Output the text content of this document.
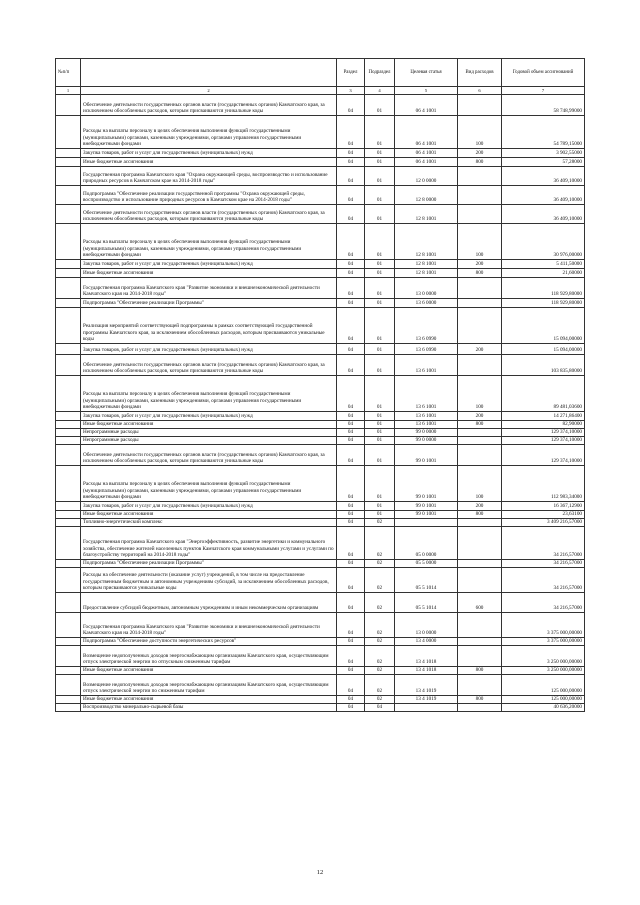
№п/п		Раздел	Подраздел	Целевая статья	Вид расходов	Годовой объем ассигнований
1	2	3	4	5	6	7
	Обеспечение деятельности государственных органов власти (государственных органов) Камчатского края, за исключением обособленных расходов, которым присваиваются уникальные коды	04	01	06 4 1001		58 748,99000
	Расходы на выплаты персоналу в целях обеспечения выполнения функций государственными (муниципальными) органами, казенными учреждениями, органами управления государственными внебюджетными фондами	04	01	06 4 1001	100	54 789,15000
	Закупка товаров, работ и услуг для государственных (муниципальных) нужд	04	01	06 4 1001	200	3 902,55000
	Иные бюджетные ассигнования	04	01	06 4 1001	800	57,28000
	Государственная программа Камчатского края "Охрана окружающей среды, воспроизводство и использование природных ресурсов в Камчатском крае на 2014-2018 годы"	04	01	12 0 0000		36 409,10000
	Подпрограмма "Обеспечение реализации государственной программы "Охрана окружающей среды, воспроизводство и использование природных ресурсов в Камчатском крае на 2014-2018 годы"	04	01	12 8 0000		36 409,10000
	Обеспечение деятельности государственных органов власти (государственных органов) Камчатского края, за исключением обособленных расходов, которым присваиваются уникальные коды	04	01	12 8 1001		36 409,10000
	Расходы на выплаты персоналу в целях обеспечения выполнения функций государственными (муниципальными) органами, казенными учреждениями, органами управления государственными внебюджетными фондами	04	01	12 8 1001	100	30 976,00000
	Закупка товаров, работ и услуг для государственных (муниципальных) нужд	04	01	12 8 1001	200	5 411,50000
	Иные бюджетные ассигнования	04	01	12 8 1001	800	21,60000
	Государственная программа Камчатского края "Развитие экономики и внешнеэкономической деятельности Камчатского края на 2014-2018 годы"	04	01	13 0 0000		118 929,80000
	Подпрограмма "Обеспечение реализации Программы"	04	01	13 6 0000		118 929,80000
	Реализация мероприятий соответствующей подпрограммы в рамках соответствующей государственной программы Камчатского края, за исключением обособленных расходов, которым присваиваются уникальные коды	04	01	13 6 0990		15 094,00000
	Закупка товаров, работ и услуг для государственных (муниципальных) нужд	04	01	13 6 0990	200	15 094,00000
	Обеспечение деятельности государственных органов власти (государственных органов) Камчатского края, за исключением обособленных расходов, которым присваиваются уникальные коды	04	01	13 6 1001		103 835,80000
	Расходы на выплаты персоналу в целях обеспечения выполнения функций государственными (муниципальными) органами, казенными учреждениями, органами управления государственными внебюджетными фондами	04	01	13 6 1001	100	89 481,03600
	Закупка товаров, работ и услуг для государственных (муниципальных) нужд	04	01	13 6 1001	200	14 271,86400
	Иные бюджетные ассигнования	04	01	13 6 1001	800	82,90000
	Непрограммные расходы	04	01	99 0 0000		129 374,10000
	Непрограммные расходы	04	01	99 0 0000		129 374,10000
	Обеспечение деятельности государственных органов власти (государственных органов) Камчатского края, за исключением обособленных расходов, которым присваиваются уникальные коды	04	01	99 0 1001		129 374,10000
	Расходы на выплаты персоналу в целях обеспечения выполнения функций государственными (муниципальными) органами, казенными учреждениями, органами управления государственными внебюджетными фондами	04	01	99 0 1001	100	112 983,34000
	Закупка товаров, работ и услуг для государственных (муниципальных) нужд	04	01	99 0 1001	200	16 367,12900
	Иные бюджетные ассигнования	04	01	99 0 1001	800	23,63100
	Топливно-энергетический комплекс	04	02			3 409 216,57000
	Государственная программа Камчатского края "Энергоэффективность, развитие энергетики и коммунального хозяйства, обеспечение жителей населенных пунктов Камчатского края коммунальными услугами и услугами по благоустройству территорий на 2014-2018 годы"	04	02	05 0 0000		34 216,57000
	Подпрограмма "Обеспечение реализации Программы"	04	02	05 5 0000		34 216,57000
	Расходы на обеспечение деятельности (оказание услуг) учреждений, в том числе на предоставление государственным бюджетным и автономным учреждениям субсидий, за исключением обособленных расходов, которым присваиваются уникальные коды	04	02	05 5 1014		34 216,57000
	Предоставление субсидий бюджетным, автономным учреждениям и иным некоммерческим организациям	04	02	05 5 1014	600	34 216,57000
	Государственная программа Камчатского края "Развитие экономики и внешнеэкономической деятельности Камчатского края на 2014-2018 годы"	04	02	13 0 0000		3 375 000,00000
	Подпрограмма "Обеспечение доступности энергетических ресурсов"	04	02	13 4 0000		3 375 000,00000
	Возмещение недополученных доходов энергоснабжающим организациям Камчатского края, осуществляющим отпуск электрической энергии по отпускным сниженным тарифам	04	02	13 4 1018		3 250 000,00000
	Иные бюджетные ассигнования	04	02	13 4 1018	800	3 250 000,00000
	Возмещение недополученных доходов энергоснабжающим организациям Камчатского края, осуществляющим отпуск электрической энергии по сниженным тарифам	04	02	13 4 1019		125 000,00000
	Иные бюджетные ассигнования	04	02	13 4 1019	800	125 000,00000
	Воспроизводство минерально-сырьевой базы	04	04			40 636,20000
12
